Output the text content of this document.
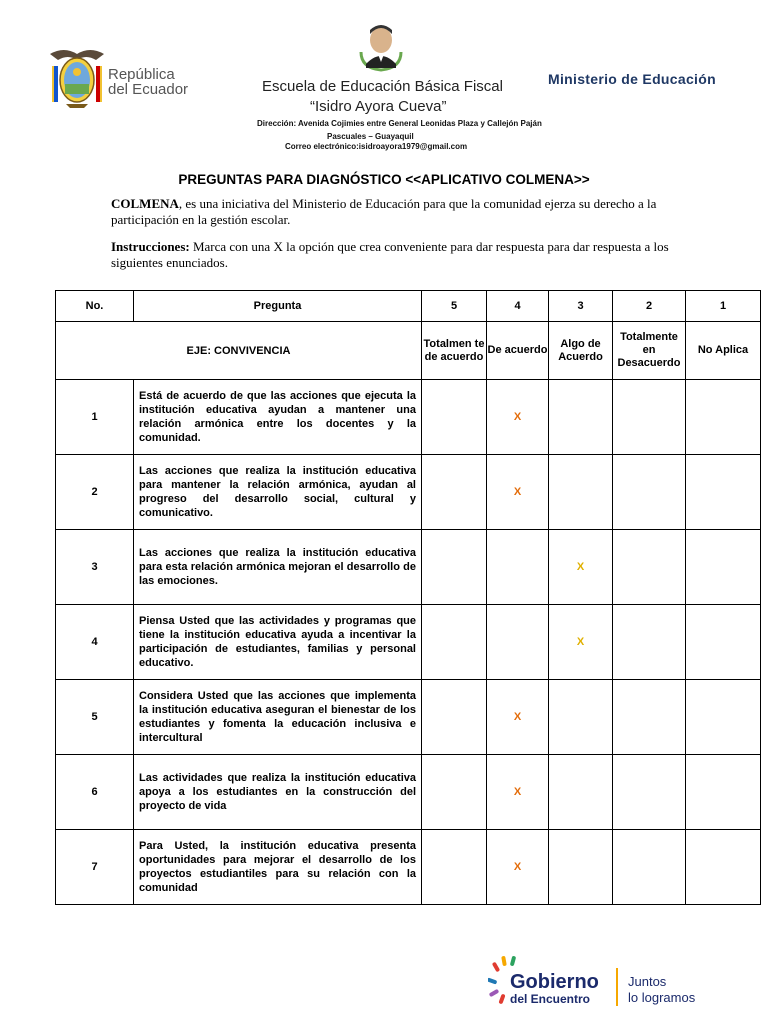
República
del Ecuador	Escuela de Educación Básica Fiscal
“Isidro Ayora Cueva”
Dirección: Avenida Cojimies entre General Leonidas Plaza y Callejón Paján
Pascuales – Guayaquil
Correo electrónico:isidroayora1979@gmail.com
Ministerio de Educación
PREGUNTAS PARA DIAGNÓSTICO <<APLICATIVO COLMENA>>
COLMENA, es una iniciativa del Ministerio de Educación para que la comunidad ejerza su derecho a la participación en la gestión escolar.
Instrucciones: Marca con una X la opción que crea conveniente para dar respuesta para dar respuesta a los siguientes enunciados.
No.	Pregunta	5	4	3	2	1
EJE: CONVIVENCIA		Totalmen te de acuerdo	De acuerdo	Algo de Acuerdo	Totalmente en Desacuerdo	No Aplica
1	Está de acuerdo de que las acciones que ejecuta la institución educativa ayudan a mantener una relación armónica entre los docentes y la comunidad.		X			
2	Las acciones que realiza la institución educativa para mantener la relación armónica, ayudan al progreso del desarrollo social, cultural y comunicativo.		X			
3	Las acciones que realiza la institución educativa para esta relación armónica mejoran el desarrollo de las emociones.			X		
4	Piensa Usted que las actividades y programas que tiene la institución educativa ayuda a incentivar la participación de estudiantes, familias y personal educativo.			X		
5	Considera Usted que las acciones que implementa la institución educativa aseguran el bienestar de los estudiantes y fomenta la educación inclusiva e intercultural		X			
6	Las actividades que realiza la institución educativa apoya a los estudiantes en la construcción del proyecto de vida		X			
7	Para Usted, la institución educativa presenta oportunidades para mejorar el desarrollo de los proyectos estudiantiles para su relación con la comunidad		X			
Gobierno
del Encuentro
Juntos
lo logramos
